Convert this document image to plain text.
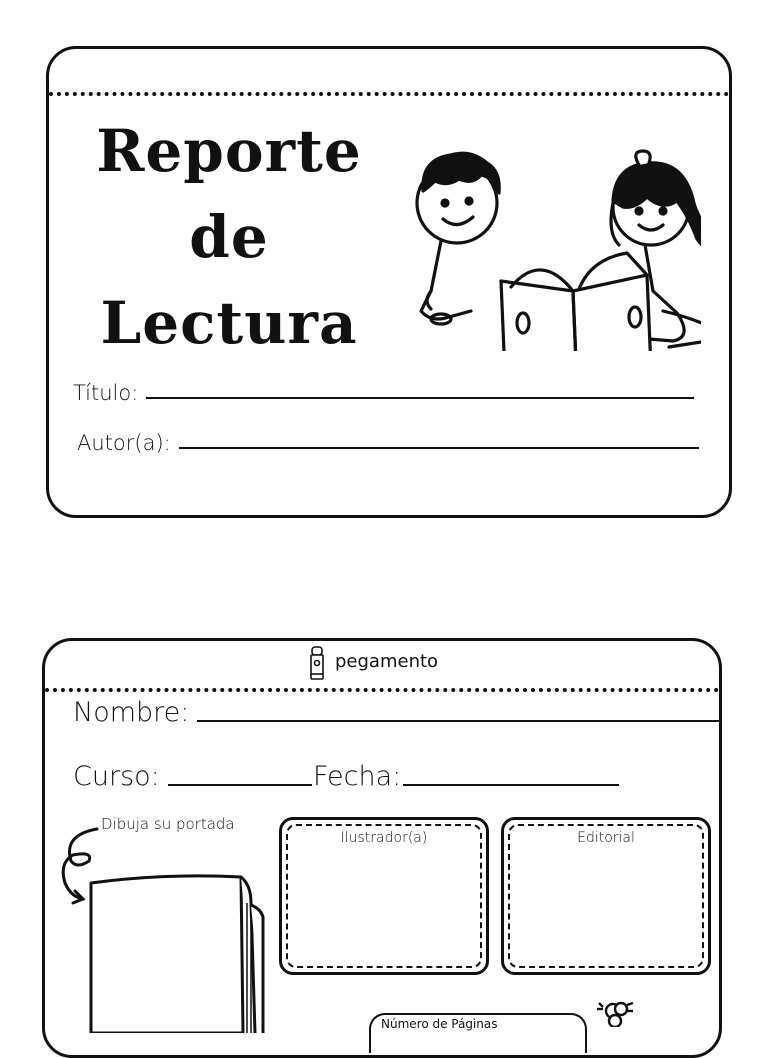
Reporte
de
Lectura
Título:
Autor(a):
pegamento
Nombre:
Curso:	Fecha:
Dibuja su portada
Ilustrador(a)	Editorial
Número de Páginas
